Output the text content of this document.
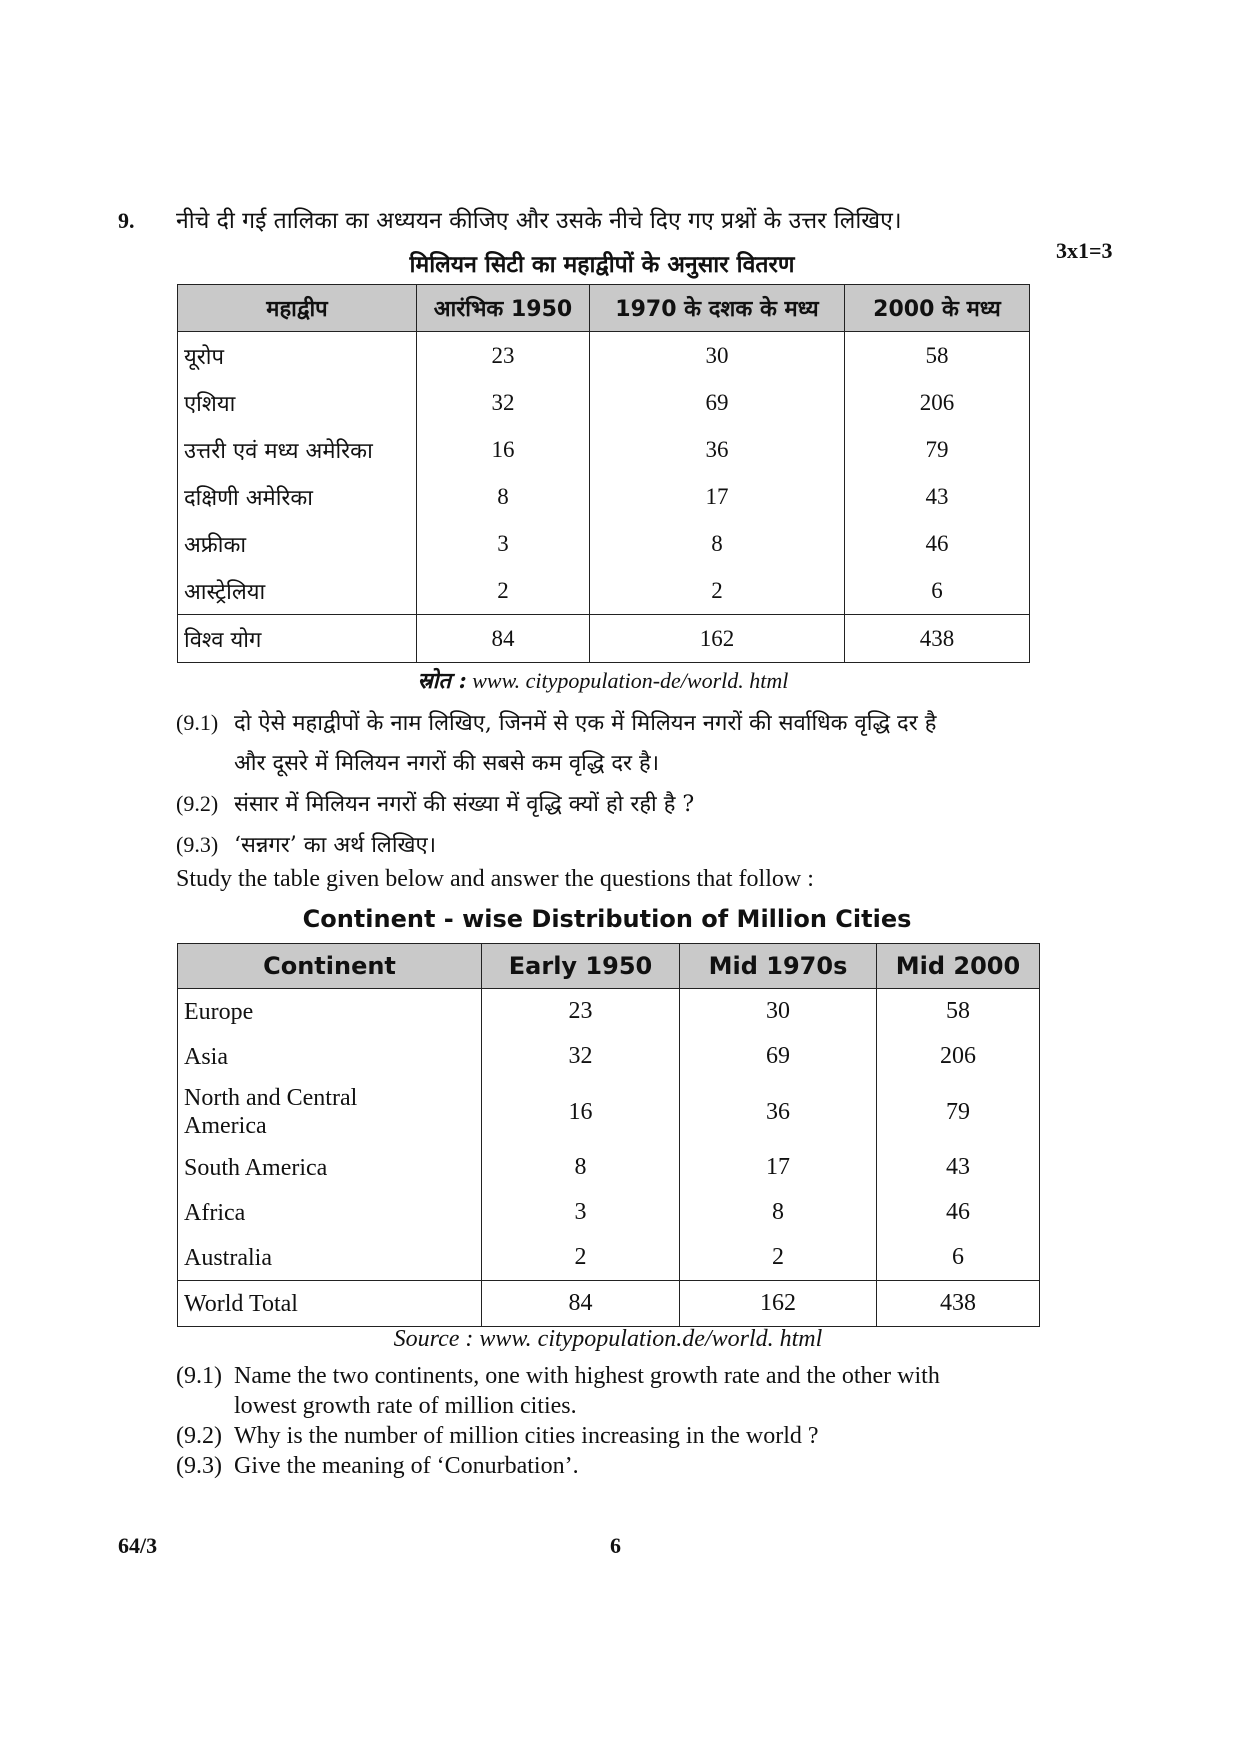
9. नीचे दी गई तालिका का अध्ययन कीजिए और उसके नीचे दिए गए प्रश्नों के उत्तर लिखिए।
3x1=3
मिलियन सिटी का महाद्वीपों के अनुसार वितरण
महाद्वीप	आरंभिक 1950	1970 के दशक के मध्य	2000 के मध्य
यूरोप	23	30	58
एशिया	32	69	206
उत्तरी एवं मध्य अमेरिका	16	36	79
दक्षिणी अमेरिका	8	17	43
अफ्रीका	3	8	46
आस्ट्रेलिया	2	2	6
विश्व योग	84	162	438
स्रोत : www. citypopulation-de/world. html
(9.1) दो ऐसे महाद्वीपों के नाम लिखिए, जिनमें से एक में मिलियन नगरों की सर्वाधिक वृद्धि दर है
और दूसरे में मिलियन नगरों की सबसे कम वृद्धि दर है।
(9.2) संसार में मिलियन नगरों की संख्या में वृद्धि क्यों हो रही है ?
(9.3) ‘सन्नगर’ का अर्थ लिखिए।
Study the table given below and answer the questions that follow :
Continent - wise Distribution of Million Cities
Continent	Early 1950	Mid 1970s	Mid 2000
Europe	23	30	58
Asia	32	69	206
North and Central
America	16	36	79
South America	8	17	43
Africa	3	8	46
Australia	2	2	6
World Total	84	162	438
Source : www. citypopulation.de/world. html
(9.1) Name the two continents, one with highest growth rate and the other with
lowest growth rate of million cities.
(9.2) Why is the number of million cities increasing in the world ?
(9.3) Give the meaning of ‘Conurbation’.
64/3	6
